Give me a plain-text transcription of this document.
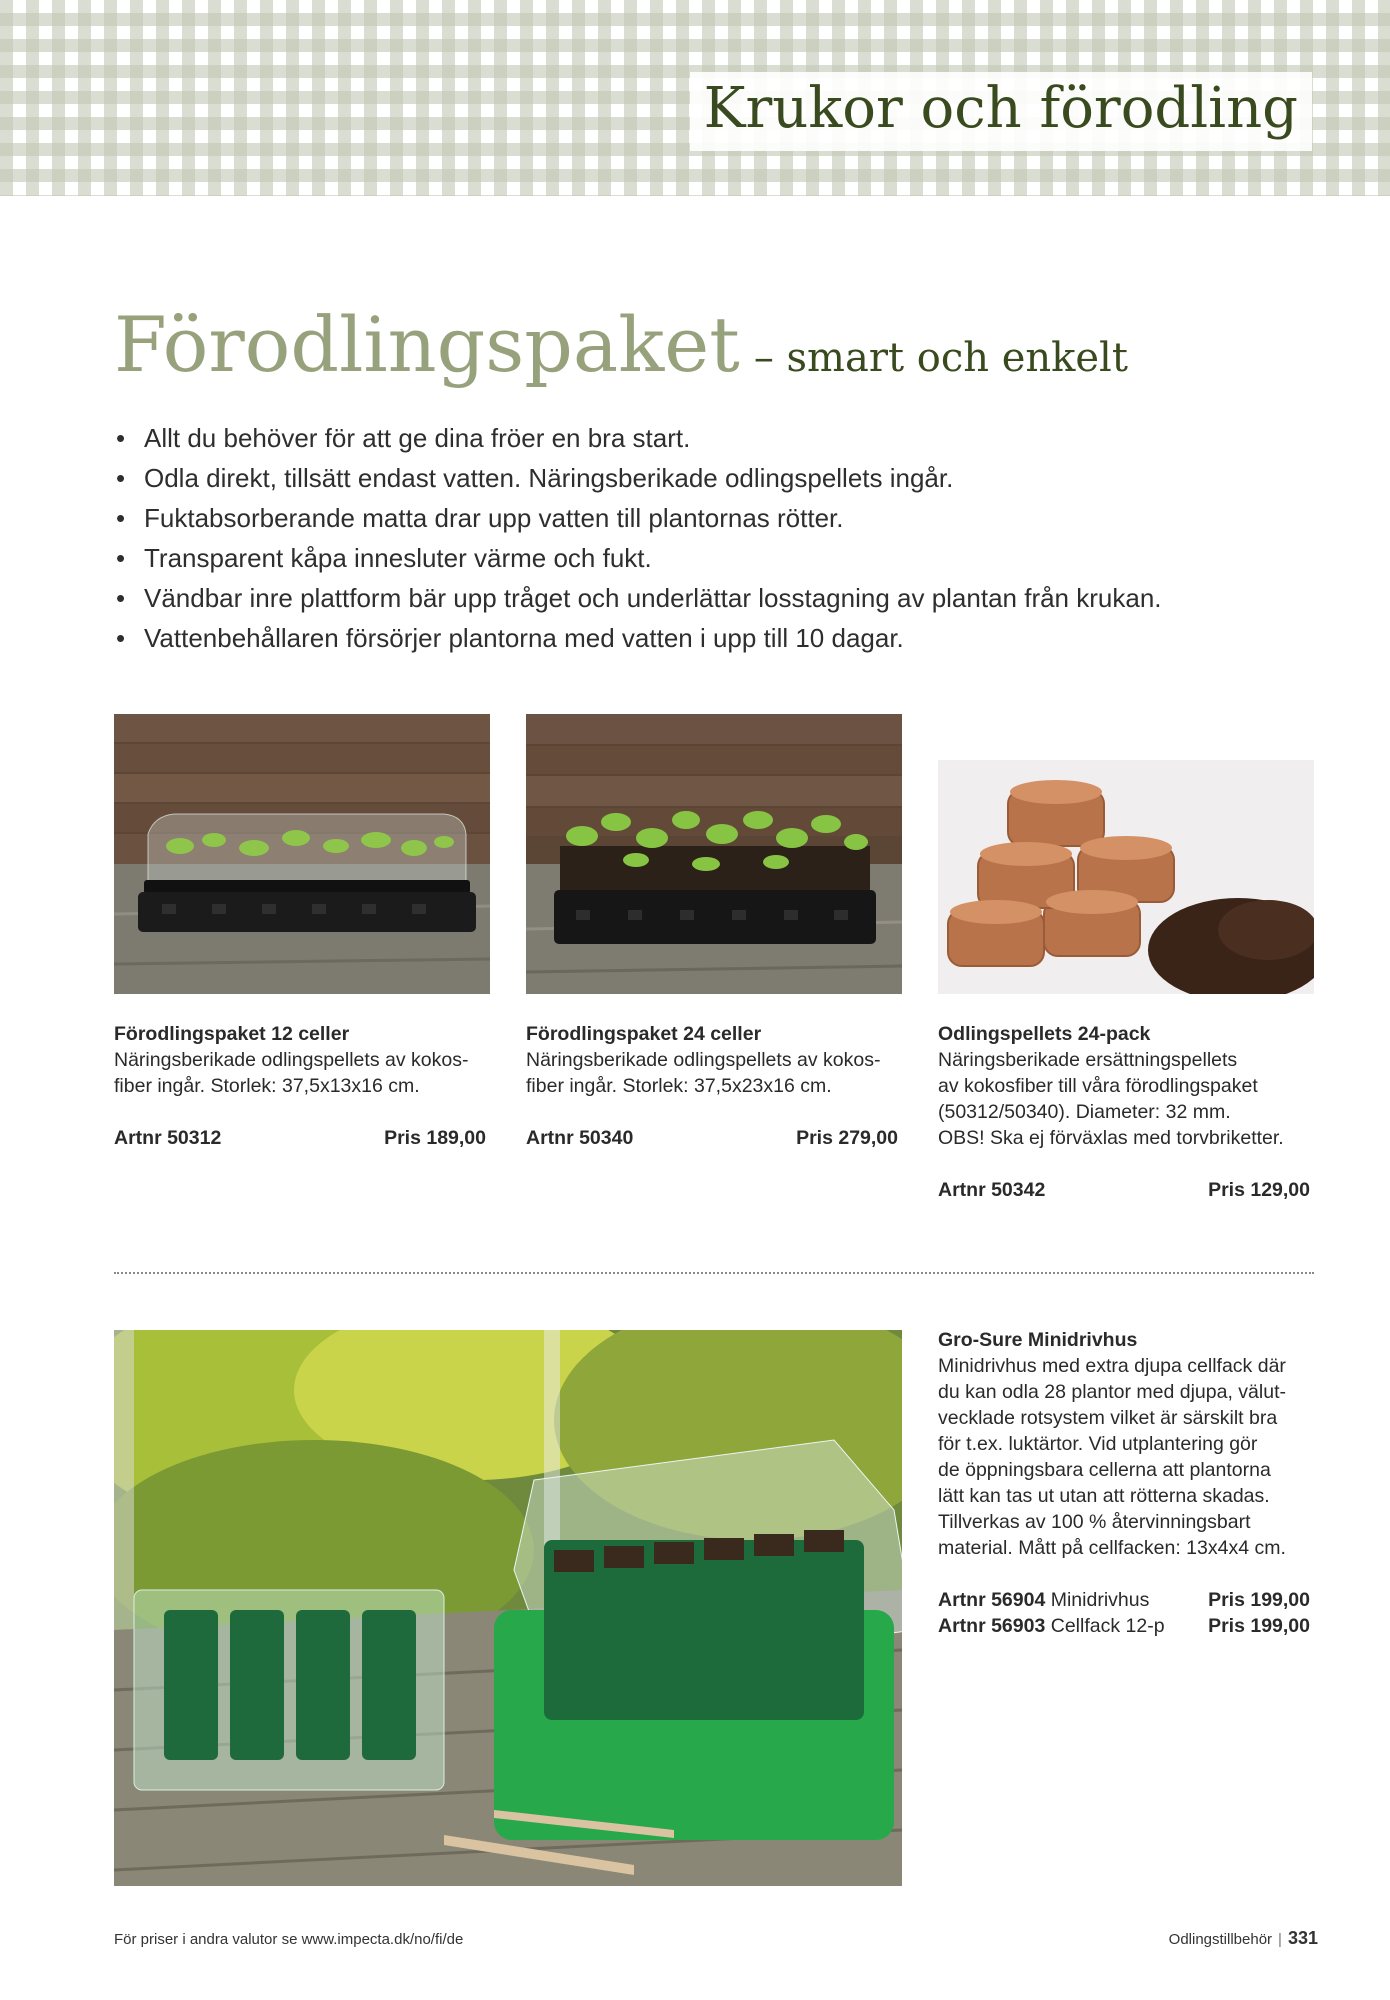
Krukor och förodling
Förodlingspaket – smart och enkelt
• Allt du behöver för att ge dina fröer en bra start.
• Odla direkt, tillsätt endast vatten. Näringsberikade odlingspellets ingår.
• Fuktabsorberande matta drar upp vatten till plantornas rötter.
• Transparent kåpa innesluter värme och fukt.
• Vändbar inre plattform bär upp tråget och underlättar losstagning av plantan från krukan.
• Vattenbehållaren försörjer plantorna med vatten i upp till 10 dagar.
Förodlingspaket 12 celler
Näringsberikade odlingspellets av kokos-
fiber ingår. Storlek: 37,5x13x16 cm.
Artnr 50312	Pris 189,00
Förodlingspaket 24 celler
Näringsberikade odlingspellets av kokos-
fiber ingår. Storlek: 37,5x23x16 cm.
Artnr 50340	Pris 279,00
Odlingspellets 24-pack
Näringsberikade ersättningspellets
av kokosfiber till våra förodlingspaket
(50312/50340). Diameter: 32 mm.
OBS! Ska ej förväxlas med torvbriketter.
Artnr 50342	Pris 129,00
Gro-Sure Minidrivhus
Minidrivhus med extra djupa cellfack där
du kan odla 28 plantor med djupa, välut-
vecklade rotsystem vilket är särskilt bra
för t.ex. luktärtor. Vid utplantering gör
de öppningsbara cellerna att plantorna
lätt kan tas ut utan att rötterna skadas.
Tillverkas av 100 % återvinningsbart
material. Mått på cellfacken: 13x4x4 cm.
Artnr 56904 Minidrivhus	Pris 199,00
Artnr 56903 Cellfack 12-p Pris 199,00
För priser i andra valutor se www.impecta.dk/no/fi/de	Odlingstillbehör | 331
